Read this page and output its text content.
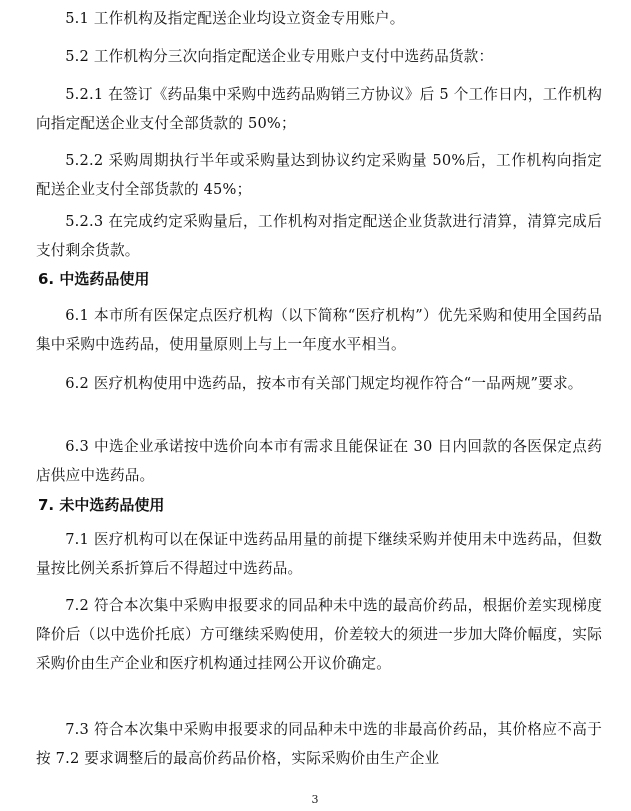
5.1 工作机构及指定配送企业均设立资金专用账户。

5.2 工作机构分三次向指定配送企业专用账户支付中选药品货款：

5.2.1 在签订《药品集中采购中选药品购销三方协议》后 5 个工作日内，工作机构向指定配送企业支付全部货款的 50%；

5.2.2 采购周期执行半年或采购量达到协议约定采购量 50%后，工作机构向指定配送企业支付全部货款的 45%；

5.2.3 在完成约定采购量后，工作机构对指定配送企业货款进行清算，清算完成后支付剩余货款。

6. 中选药品使用

6.1 本市所有医保定点医疗机构（以下简称“医疗机构”）优先采购和使用全国药品集中采购中选药品，使用量原则上与上一年度水平相当。

6.2 医疗机构使用中选药品，按本市有关部门规定均视作符合“一品两规”要求。

6.3 中选企业承诺按中选价向本市有需求且能保证在 30 日内回款的各医保定点药店供应中选药品。

7. 未中选药品使用

7.1 医疗机构可以在保证中选药品用量的前提下继续采购并使用未中选药品，但数量按比例关系折算后不得超过中选药品。

7.2 符合本次集中采购申报要求的同品种未中选的最高价药品，根据价差实现梯度降价后（以中选价托底）方可继续采购使用，价差较大的须进一步加大降价幅度，实际采购价由生产企业和医疗机构通过挂网公开议价确定。

7.3 符合本次集中采购申报要求的同品种未中选的非最高价药品，其价格应不高于按 7.2 要求调整后的最高价药品价格，实际采购价由生产企业

3
